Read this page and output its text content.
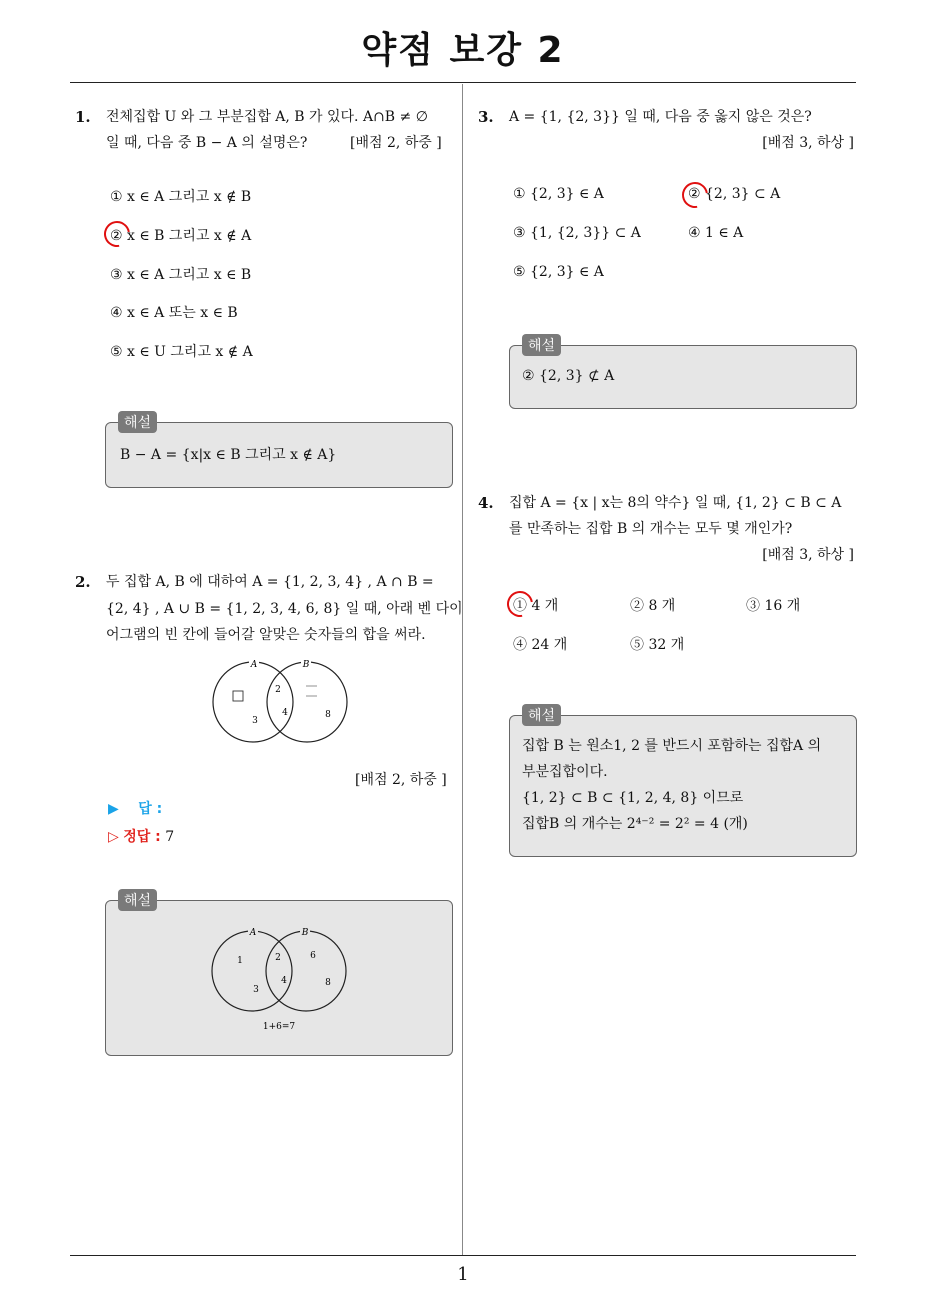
약점 보강 2
1
1. 전체집합 U 와 그 부분집합 A, B 가 있다. A∩B ≠ ∅
일 때, 다음 중 B − A 의 설명은?	[배점 2, 하중 ]
① x ∈ A 그리고 x ∉ B
② x ∈ B 그리고 x ∉ A
③ x ∈ A 그리고 x ∈ B
④ x ∈ A 또는 x ∈ B
⑤ x ∈ U 그리고 x ∉ A
해설
B − A = {x|x ∈ B 그리고 x ∉ A}
2. 두 집합 A, B 에 대하여 A = {1, 2, 3, 4} , A ∩ B =
{2, 4} , A ∪ B = {1, 2, 3, 4, 6, 8} 일 때, 아래 벤 다이
어그램의 빈 칸에 들어갈 알맞은 숫자들의 합을 써라.
A	B
2
3
4	8
[배점 2, 하중 ]
▶ 답 :
▷ 정답 : 7
해설
A	B
1	2	6
3
4	8
1+6=7
3. A = {1, {2, 3}} 일 때, 다음 중 옳지 않은 것은?
[배점 3, 하상 ]
① {2, 3} ∈ A	② {2, 3} ⊂ A
③ {1, {2, 3}} ⊂ A	④ 1 ∈ A
⑤ {2, 3} ∈ A
해설
② {2, 3} ⊄ A
4. 집합 A = {x | x는 8의 약수} 일 때, {1, 2} ⊂ B ⊂ A
를 만족하는 집합 B 의 개수는 모두 몇 개인가?
[배점 3, 하상 ]
① 4 개	② 8 개	③ 16 개
④ 24 개	⑤ 32 개
해설
집합 B 는 원소1, 2 를 반드시 포함하는 집합A 의
부분집합이다.
{1, 2} ⊂ B ⊂ {1, 2, 4, 8} 이므로
집합B 의 개수는 2⁴⁻² = 2² = 4 (개)
